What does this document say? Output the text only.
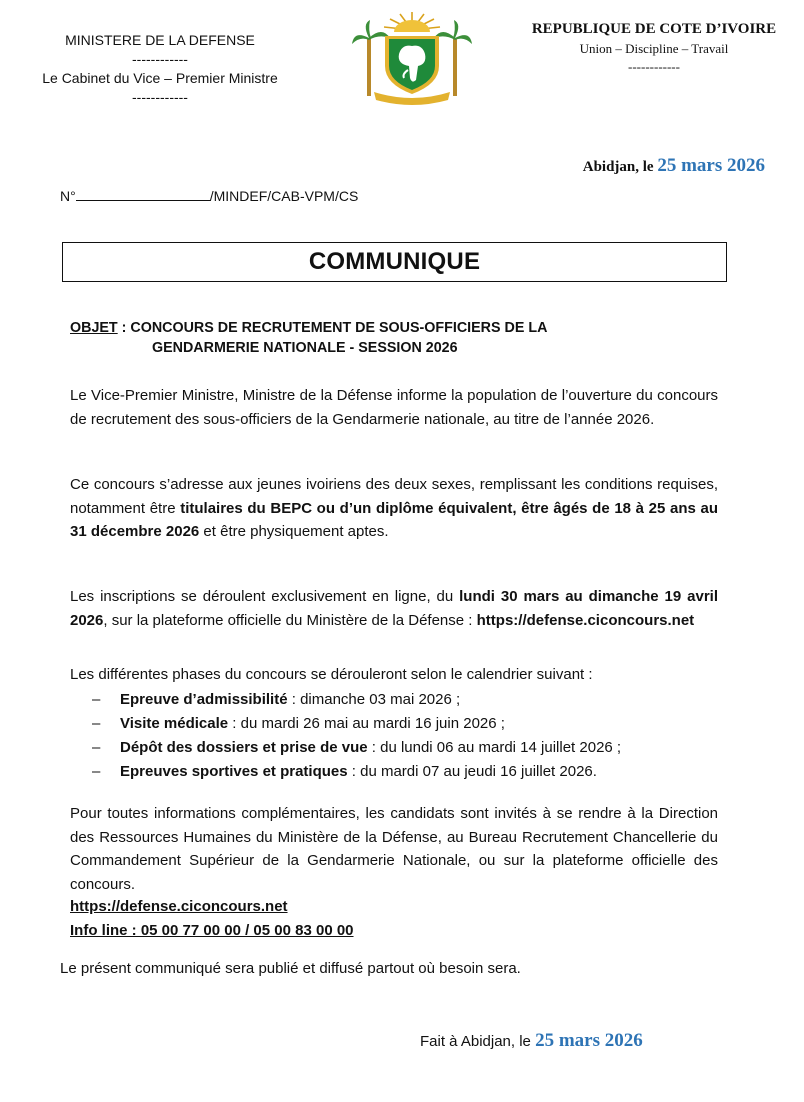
MINISTERE DE LA DEFENSE
------------
Le Cabinet du Vice – Premier Ministre
------------
REPUBLIQUE DE COTE D’IVOIRE
Union – Discipline – Travail
------------
Abidjan, le 25 mars 2026
N°	/MINDEF/CAB-VPM/CS
COMMUNIQUE
OBJET : CONCOURS DE RECRUTEMENT DE SOUS-OFFICIERS DE LA
GENDARMERIE NATIONALE - SESSION 2026
Le Vice-Premier Ministre, Ministre de la Défense informe la population de l’ouverture du concours de recrutement des sous-officiers de la Gendarmerie nationale, au titre de l’année 2026.
Ce concours s’adresse aux jeunes ivoiriens des deux sexes, remplissant les conditions requises, notamment être titulaires du BEPC ou d’un diplôme équivalent, être âgés de 18 à 25 ans au 31 décembre 2026 et être physiquement aptes.
Les inscriptions se déroulent exclusivement en ligne, du lundi 30 mars au dimanche 19 avril 2026, sur la plateforme officielle du Ministère de la Défense : https://defense.ciconcours.net
Les différentes phases du concours se dérouleront selon le calendrier suivant :
–	Epreuve d’admissibilité : dimanche 03 mai 2026 ;
–	Visite médicale : du mardi 26 mai au mardi 16 juin 2026 ;
–	Dépôt des dossiers et prise de vue : du lundi 06 au mardi 14 juillet 2026 ;
–	Epreuves sportives et pratiques : du mardi 07 au jeudi 16 juillet 2026.
Pour toutes informations complémentaires, les candidats sont invités à se rendre à la Direction des Ressources Humaines du Ministère de la Défense, au Bureau Recrutement Chancellerie du Commandement Supérieur de la Gendarmerie Nationale, ou sur la plateforme officielle des concours.
https://defense.ciconcours.net
Info line : 05 00 77 00 00 / 05 00 83 00 00
Le présent communiqué sera publié et diffusé partout où besoin sera.
Fait à Abidjan, le 25 mars 2026
